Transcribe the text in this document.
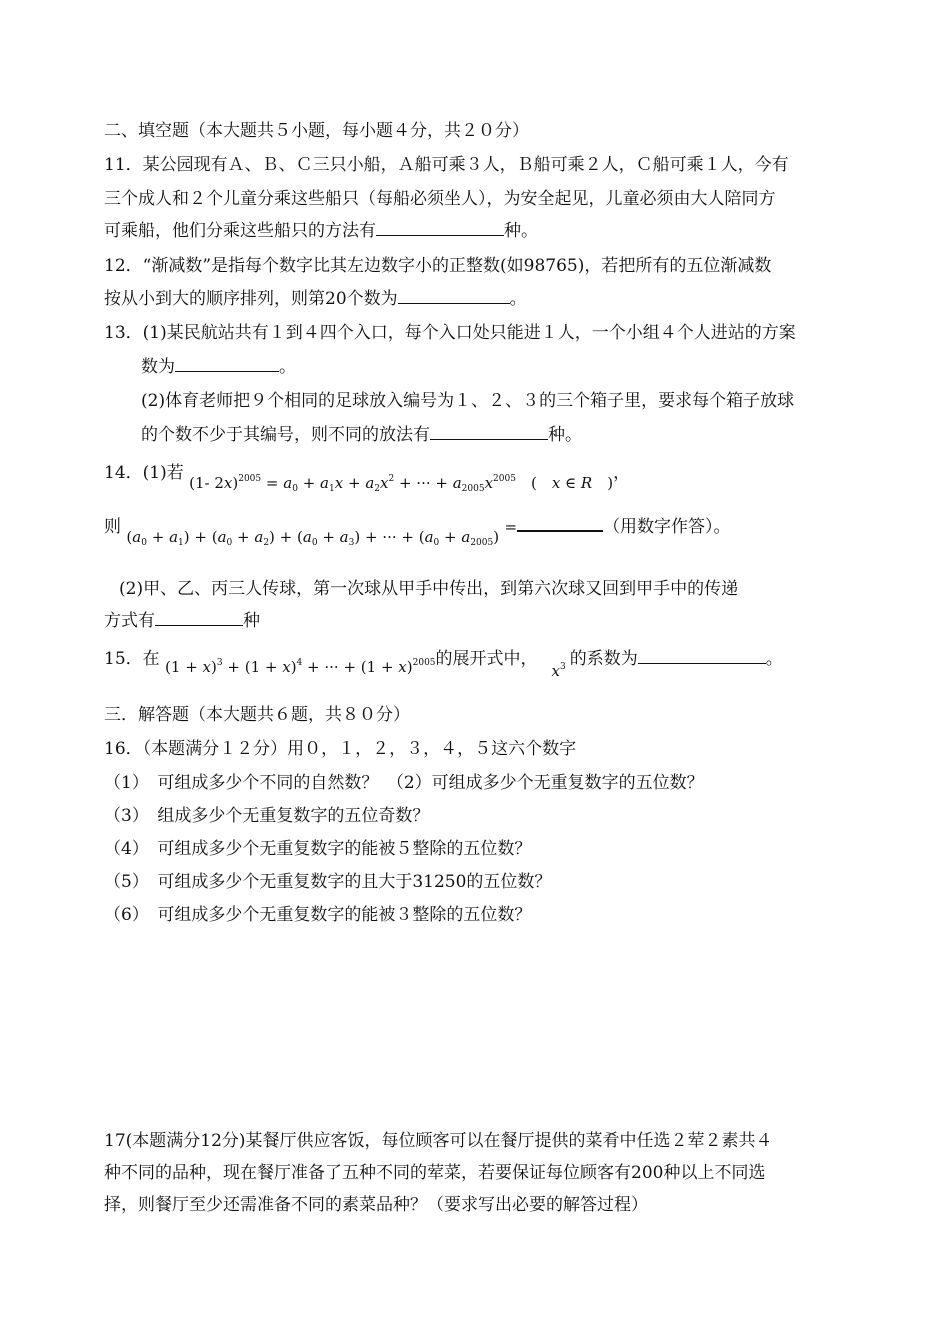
二、填空题（本大题共５小题，每小题４分，共２０分）
11．某公园现有Ａ、Ｂ、Ｃ三只小船，Ａ船可乘３人，Ｂ船可乘２人，Ｃ船可乘１人，今有
三个成人和２个儿童分乘这些船只（每船必须坐人），为安全起见，儿童必须由大人陪同方
可乘船，他们分乘这些船只的方法有	种。
12．“渐减数”是指每个数字比其左边数字小的正整数(如98765)，若把所有的五位渐减数
按从小到大的顺序排列，则第20个数为	。
13．(1)某民航站共有１到４四个入口，每个入口处只能进１人，一个小组４个人进站的方案
数为	。
(2)体育老师把９个相同的足球放入编号为１、２、３的三个箱子里，要求每个箱子放球
的个数不少于其编号，则不同的放法有	种。
14．(1)若 (1- $2x)^{2005} = a_0 + a_1x + a_2x^2$ + ··· + $a_{2005}x^{2005}$　(　x ∈ R　)，
则 $(a_0 + a_1) + (a_0 + a_2) + (a_0 + a_3)$ + ··· + $(a_0 + a_{2005})$ =	（用数字作答）。
(2)甲、乙、丙三人传球，第一次球从甲手中传出，到第六次球又回到甲手中的传递
方式有	种
15．在 $(1 + x)^3 + (1 + x)^4$ + ··· + $(1 + x)^{2005}$的展开式中，$x^3$ 的系数为	。
三．解答题（本大题共６题，共８０分）
16．（本题满分１２分）用０，１，２，３，４，５这六个数字
（1）　可组成多少个不同的自然数？　（2）可组成多少个无重复数字的五位数？
（3）　组成多少个无重复数字的五位奇数？
（4）　可组成多少个无重复数字的能被５整除的五位数？
（5）　可组成多少个无重复数字的且大于31250的五位数？
（6）　可组成多少个无重复数字的能被３整除的五位数？
17(本题满分12分)某餐厅供应客饭，每位顾客可以在餐厅提供的菜肴中任选２荤２素共４
种不同的品种，现在餐厅准备了五种不同的荤菜，若要保证每位顾客有200种以上不同选
择，则餐厅至少还需准备不同的素菜品种？（要求写出必要的解答过程）
